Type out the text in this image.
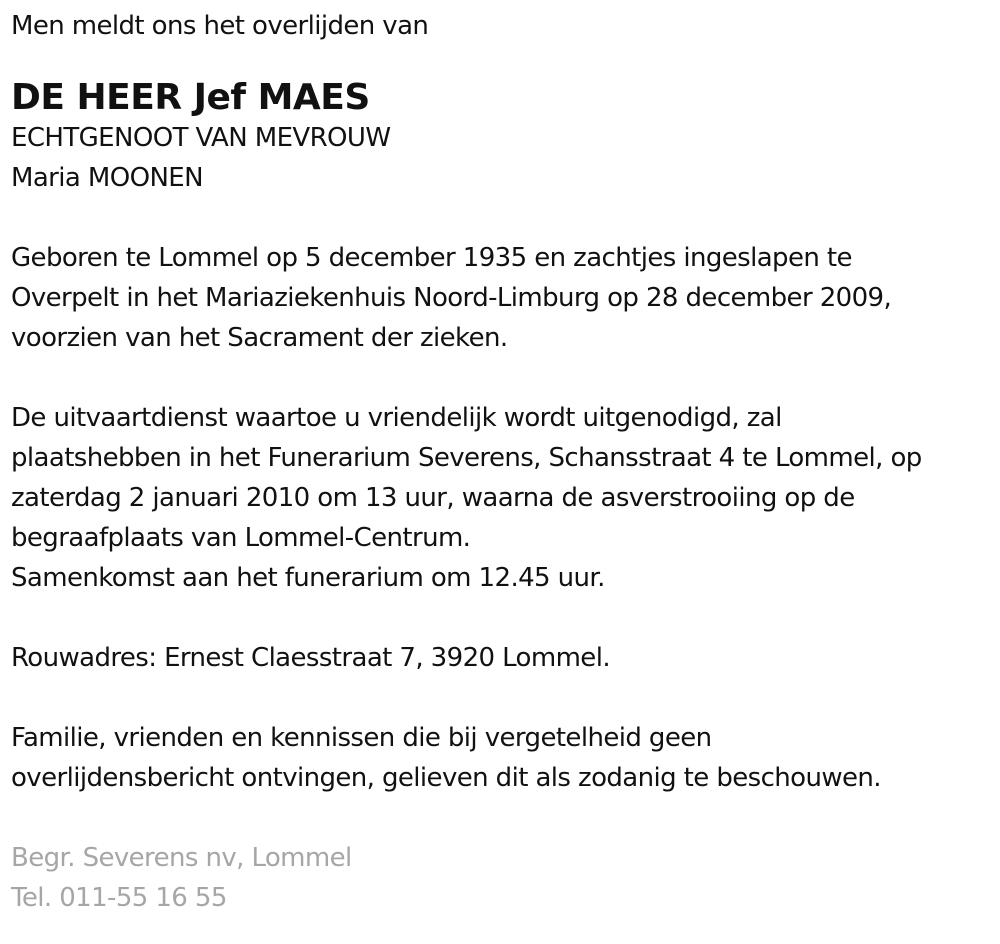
Men meldt ons het overlijden van

DE HEER Jef MAES

ECHTGENOOT VAN MEVROUW

Maria MOONEN

Geboren te Lommel op 5 december 1935 en zachtjes ingeslapen te

Overpelt in het Mariaziekenhuis Noord-Limburg op 28 december 2009,

voorzien van het Sacrament der zieken.

De uitvaartdienst waartoe u vriendelijk wordt uitgenodigd, zal

plaatshebben in het Funerarium Severens, Schansstraat 4 te Lommel, op

zaterdag 2 januari 2010 om 13 uur, waarna de asverstrooiing op de

begraafplaats van Lommel-Centrum.

Samenkomst aan het funerarium om 12.45 uur.

Rouwadres: Ernest Claesstraat 7, 3920 Lommel.

Familie, vrienden en kennissen die bij vergetelheid geen

overlijdensbericht ontvingen, gelieven dit als zodanig te beschouwen.

Begr. Severens nv, Lommel

Tel. 011-55 16 55
